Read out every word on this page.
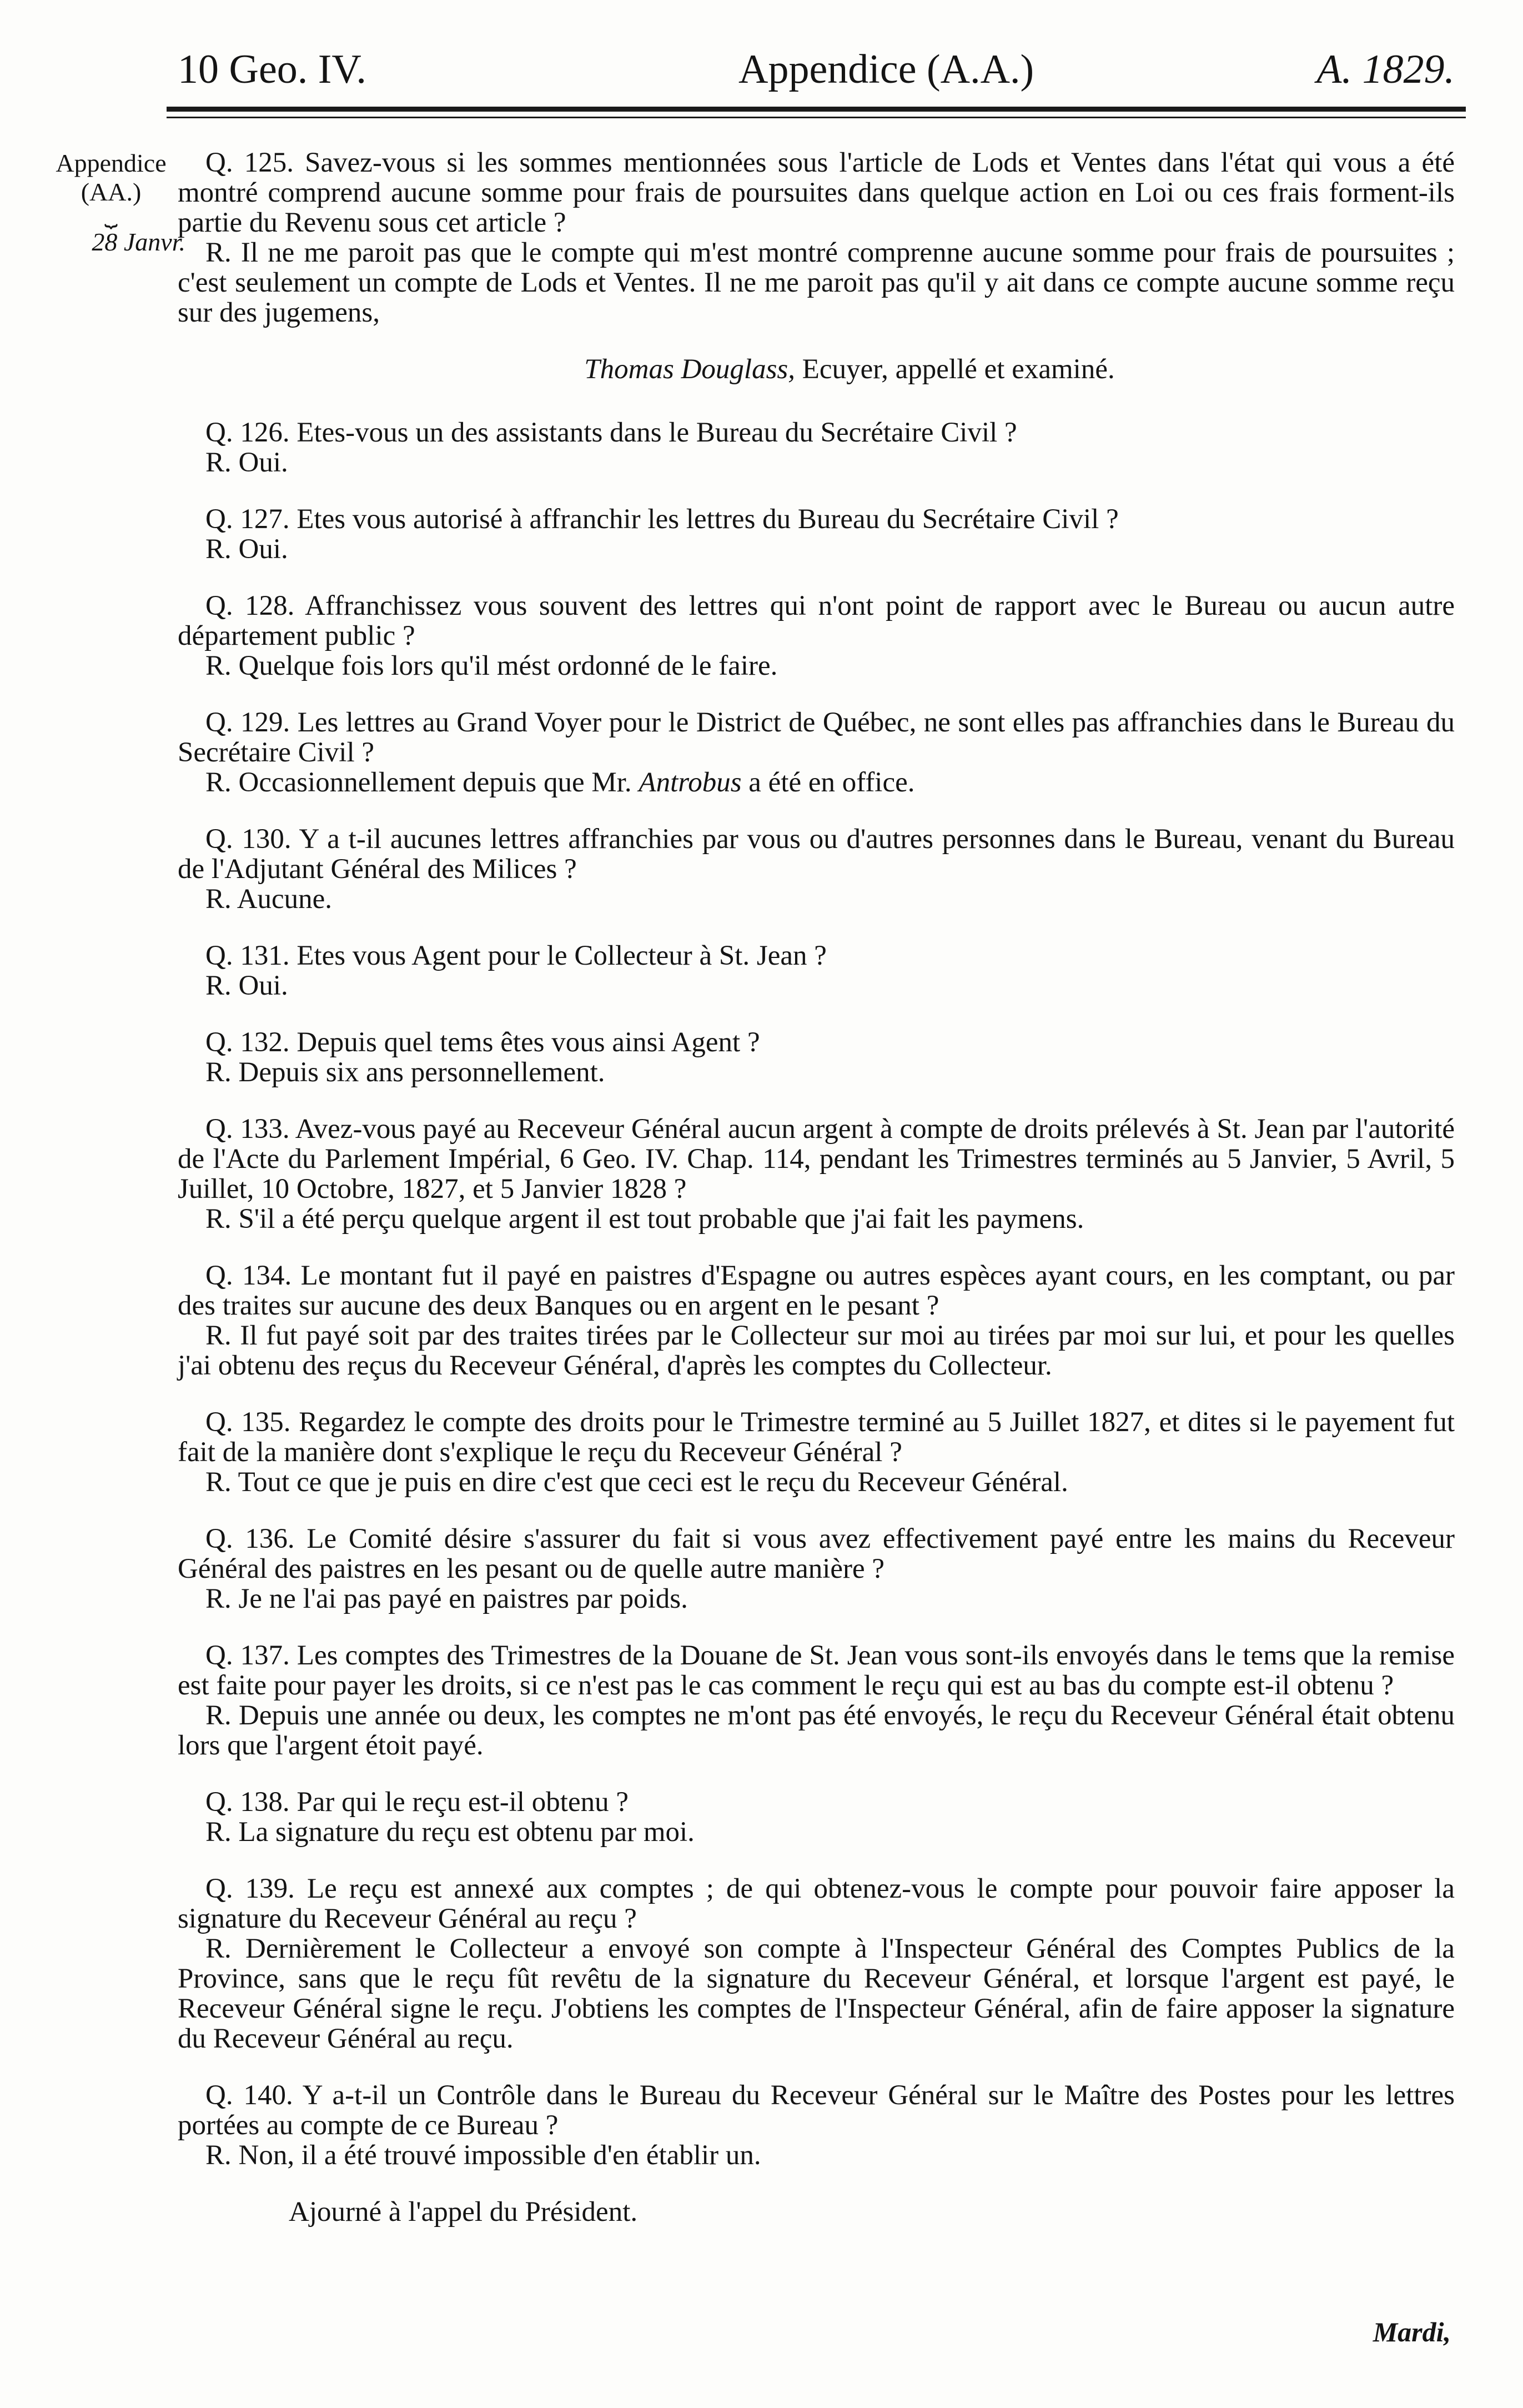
10 Geo. IV.	Appendice (A.A.)	A. 1829.
Appendice
(AA.)
⏟
28 Janvr.

Q. 125. Savez-vous si les sommes mentionnées sous l'article de Lods et Ventes dans l'état qui vous a été montré comprend aucune somme pour frais de poursuites dans quelque action en Loi ou ces frais forment-ils partie du Revenu sous cet article ?

R. Il ne me paroit pas que le compte qui m'est montré comprenne aucune somme pour frais de poursuites ; c'est seulement un compte de Lods et Ventes. Il ne me paroit pas qu'il y ait dans ce compte aucune somme reçu sur des jugemens,

Thomas Douglass, Ecuyer, appellé et examiné.

Q. 126. Etes-vous un des assistants dans le Bureau du Secrétaire Civil ?

R. Oui.

Q. 127. Etes vous autorisé à affranchir les lettres du Bureau du Secrétaire Civil ?

R. Oui.

Q. 128. Affranchissez vous souvent des lettres qui n'ont point de rapport avec le Bureau ou aucun autre département public ?

R. Quelque fois lors qu'il mést ordonné de le faire.

Q. 129. Les lettres au Grand Voyer pour le District de Québec, ne sont elles pas affranchies dans le Bureau du Secrétaire Civil ?

R. Occasionnellement depuis que Mr. Antrobus a été en office.

Q. 130. Y a t-il aucunes lettres affranchies par vous ou d'autres personnes dans le Bureau, venant du Bureau de l'Adjutant Général des Milices ?

R. Aucune.

Q. 131. Etes vous Agent pour le Collecteur à St. Jean ?

R. Oui.

Q. 132. Depuis quel tems êtes vous ainsi Agent ?

R. Depuis six ans personnellement.

Q. 133. Avez-vous payé au Receveur Général aucun argent à compte de droits prélevés à St. Jean par l'autorité de l'Acte du Parlement Impérial, 6 Geo. IV. Chap. 114, pendant les Trimestres terminés au 5 Janvier, 5 Avril, 5 Juillet, 10 Octobre, 1827, et 5 Janvier 1828 ?

R. S'il a été perçu quelque argent il est tout probable que j'ai fait les paymens.

Q. 134. Le montant fut il payé en paistres d'Espagne ou autres espèces ayant cours, en les comptant, ou par des traites sur aucune des deux Banques ou en argent en le pesant ?

R. Il fut payé soit par des traites tirées par le Collecteur sur moi au tirées par moi sur lui, et pour les quelles j'ai obtenu des reçus du Receveur Général, d'après les comptes du Collecteur.

Q. 135. Regardez le compte des droits pour le Trimestre terminé au 5 Juillet 1827, et dites si le payement fut fait de la manière dont s'explique le reçu du Receveur Général ?

R. Tout ce que je puis en dire c'est que ceci est le reçu du Receveur Général.

Q. 136. Le Comité désire s'assurer du fait si vous avez effectivement payé entre les mains du Receveur Général des paistres en les pesant ou de quelle autre manière ?

R. Je ne l'ai pas payé en paistres par poids.

Q. 137. Les comptes des Trimestres de la Douane de St. Jean vous sont-ils envoyés dans le tems que la remise est faite pour payer les droits, si ce n'est pas le cas comment le reçu qui est au bas du compte est-il obtenu ?

R. Depuis une année ou deux, les comptes ne m'ont pas été envoyés, le reçu du Receveur Général était obtenu lors que l'argent étoit payé.

Q. 138. Par qui le reçu est-il obtenu ?

R. La signature du reçu est obtenu par moi.

Q. 139. Le reçu est annexé aux comptes ; de qui obtenez-vous le compte pour pouvoir faire apposer la signature du Receveur Général au reçu ?

R. Dernièrement le Collecteur a envoyé son compte à l'Inspecteur Général des Comptes Publics de la Province, sans que le reçu fût revêtu de la signature du Receveur Général, et lorsque l'argent est payé, le Receveur Général signe le reçu. J'obtiens les comptes de l'Inspecteur Général, afin de faire apposer la signature du Receveur Général au reçu.

Q. 140. Y a-t-il un Contrôle dans le Bureau du Receveur Général sur le Maître des Postes pour les lettres portées au compte de ce Bureau ?

R. Non, il a été trouvé impossible d'en établir un.

Ajourné à l'appel du Président.

Mardi,
